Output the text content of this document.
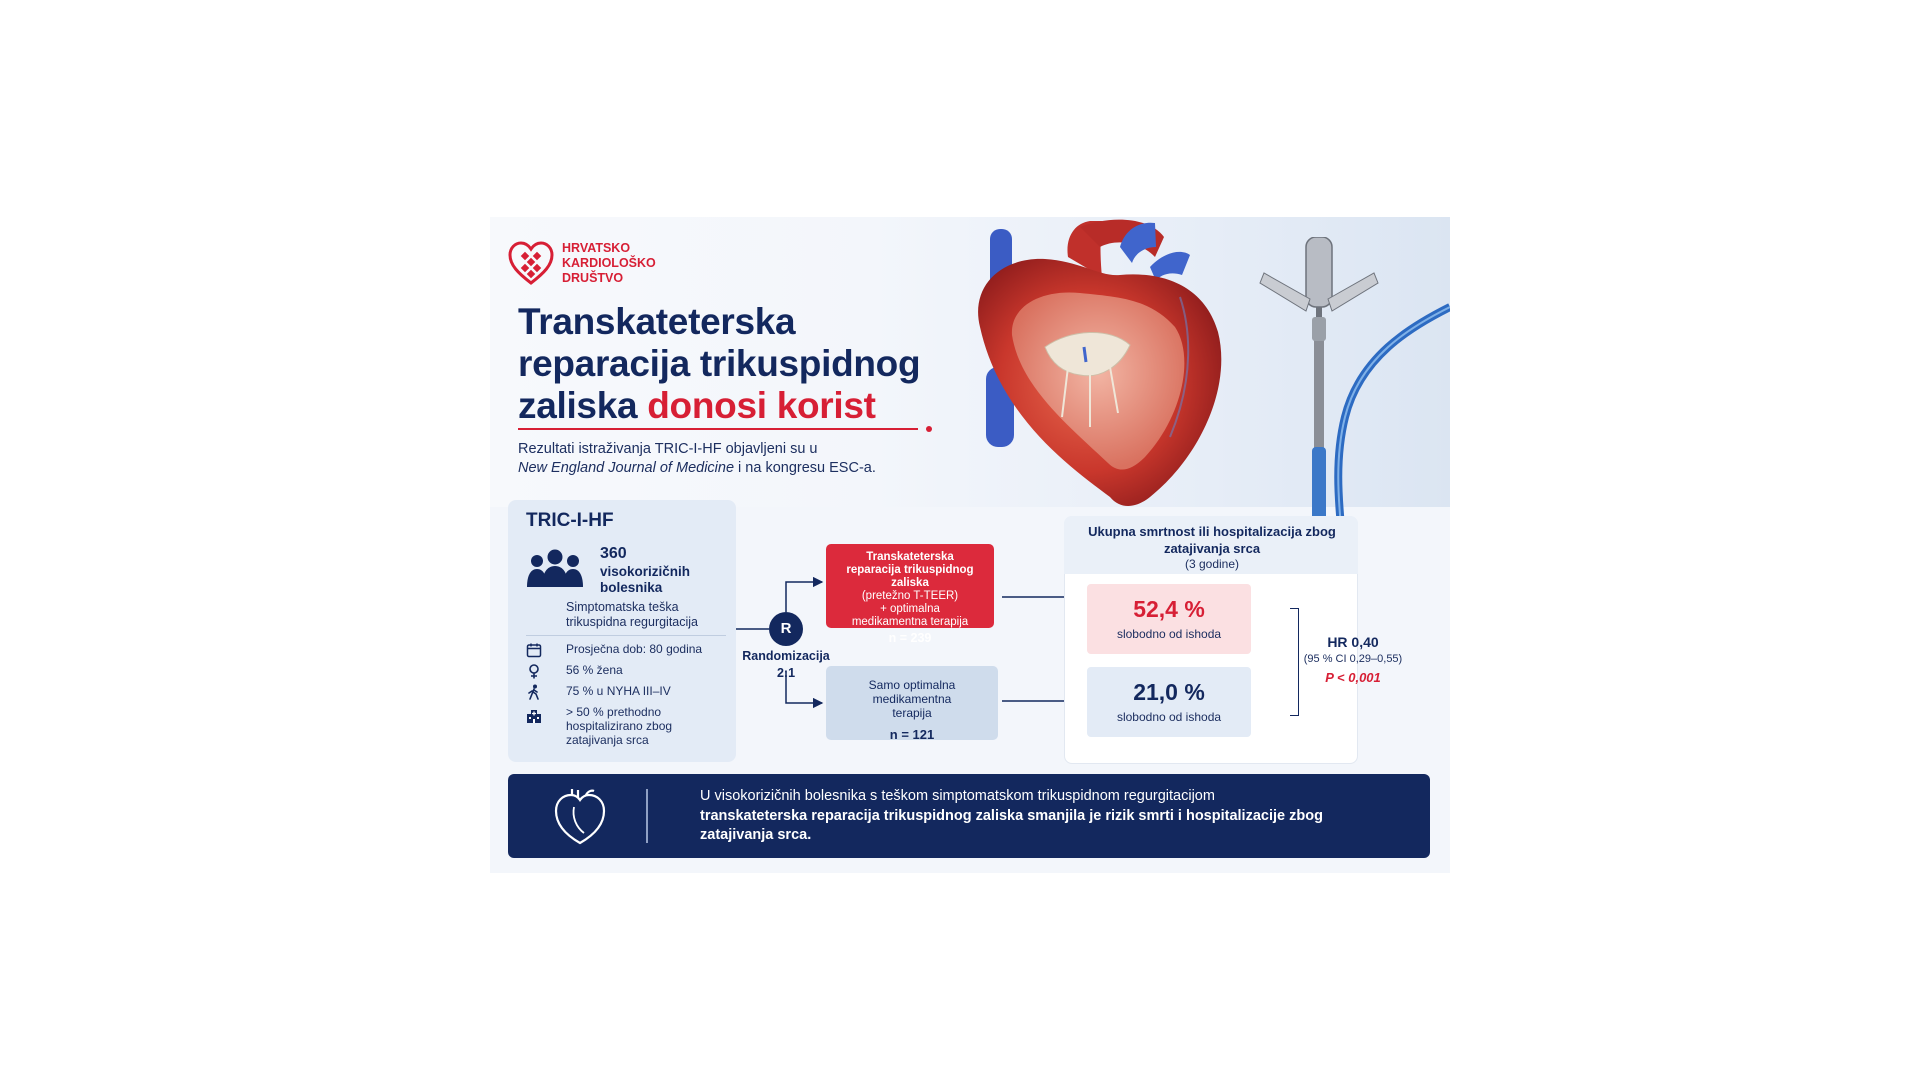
HRVATSKO
KARDIOLOŠKO
DRUŠTVO
Transkateterska
reparacija trikuspidnog
zaliska donosi korist
Rezultati istraživanja TRIC-I-HF objavljeni su u
New England Journal of Medicine i na kongresu ESC-a.
TRIC-I-HF
360
visokorizičnih bolesnika
Simptomatska teška trikuspidna regurgitacija
Prosječna dob: 80 godina
56 % žena
75 % u NYHA III–IV
> 50 % prethodno hospitalizirano zbog zatajivanja srca
R
Randomizacija
2:1
Transkateterska reparacija trikuspidnog zaliska
(pretežno T-TEER)
+ optimalna medikamentna terapija
n = 239
Samo optimalna medikamentna terapija
n = 121
Ukupna smrtnost ili hospitalizacija zbog zatajivanja srca
(3 godine)
52,4 %
slobodno od ishoda
21,0 %
slobodno od ishoda
HR 0,40
(95 % CI 0,29–0,55)
P < 0,001
U visokorizičnih bolesnika s teškom simptomatskom trikuspidnom regurgitacijom
transkateterska reparacija trikuspidnog zaliska smanjila je rizik smrti i hospitalizacije zbog zatajivanja srca.
